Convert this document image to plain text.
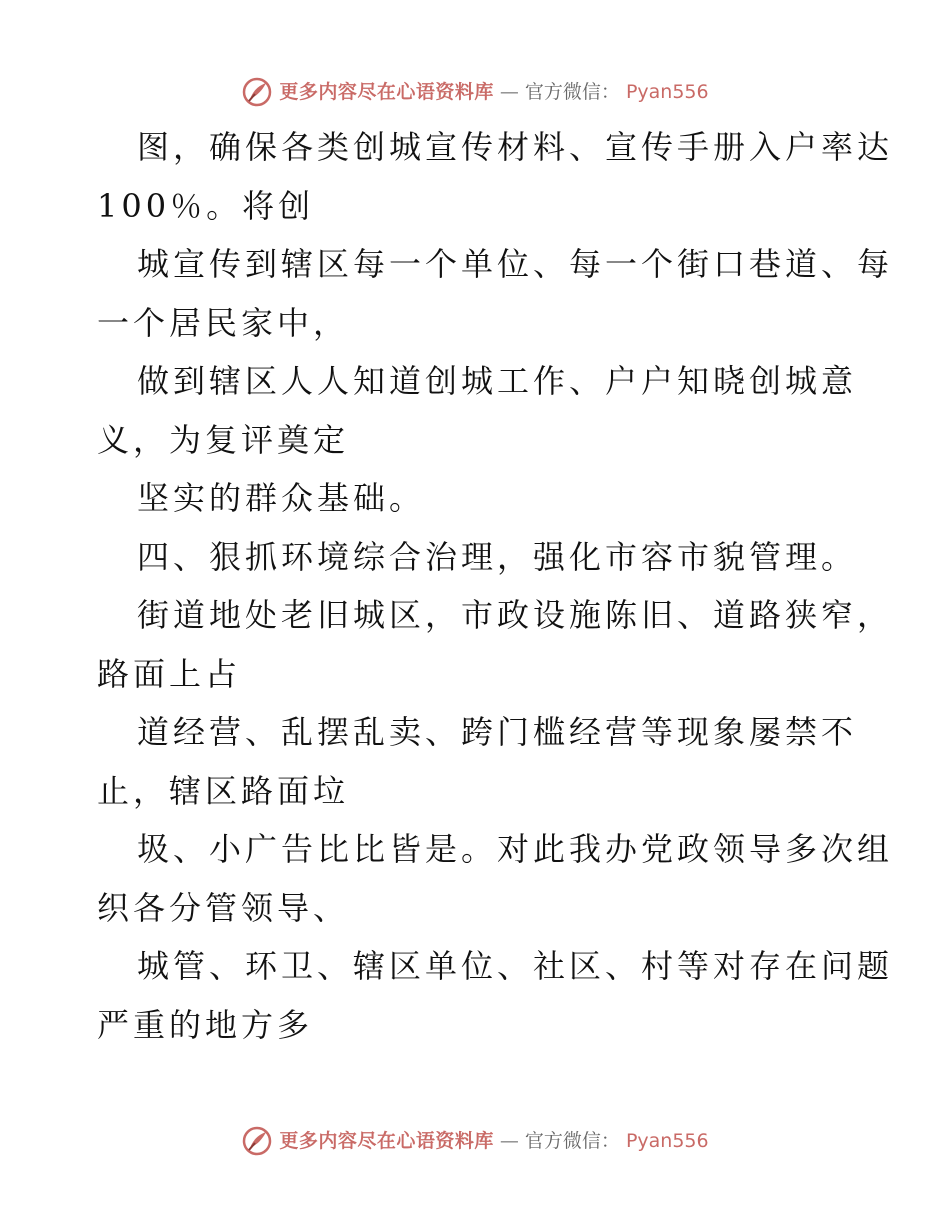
更多内容尽在心语资料库 — 官方微信： Pyan556
图，确保各类创城宣传材料、宣传手册入户率达
100％。将创
城宣传到辖区每一个单位、每一个街口巷道、每
一个居民家中，
做到辖区人人知道创城工作、户户知晓创城意
义，为复评奠定
坚实的群众基础。
四、狠抓环境综合治理，强化市容市貌管理。
街道地处老旧城区，市政设施陈旧、道路狭窄，
路面上占
道经营、乱摆乱卖、跨门槛经营等现象屡禁不
止，辖区路面垃
圾、小广告比比皆是。对此我办党政领导多次组
织各分管领导、
城管、环卫、辖区单位、社区、村等对存在问题
严重的地方多
更多内容尽在心语资料库 — 官方微信： Pyan556
